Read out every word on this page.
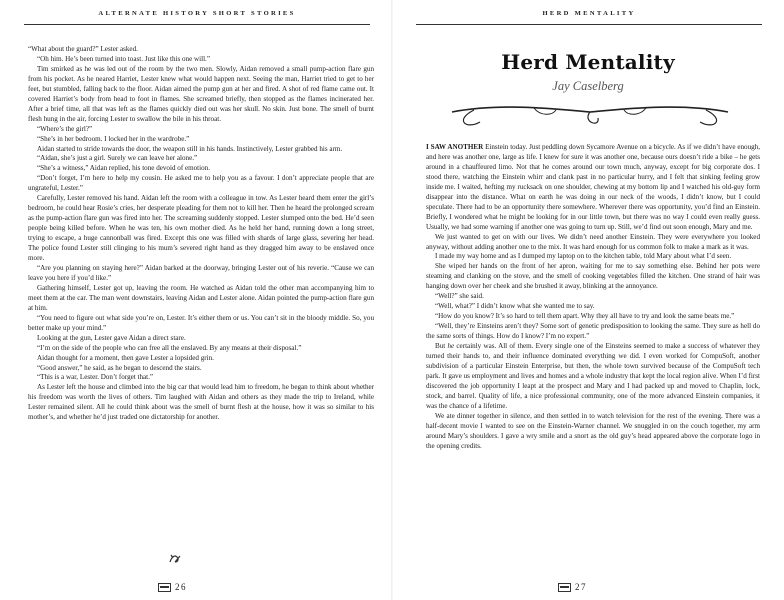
ALTERNATE HISTORY SHORT STORIES

“What about the guard?” Lester asked.

“Oh him. He’s been turned into toast. Just like this one will.”

Tim smirked as he was led out of the room by the two men. Slowly, Aidan removed a small pump-action flare gun from his pocket. As he neared Harriet, Lester knew what would happen next. Seeing the man, Harriet tried to get to her feet, but stumbled, falling back to the floor. Aidan aimed the pump gun at her and fired. A shot of red flame came out. It covered Harriet’s body from head to foot in flames. She screamed briefly, then stopped as the flames incinerated her. After a brief time, all that was left as the flames quickly died out was her skull. No skin. Just bone. The smell of burnt flesh hung in the air, forcing Lester to swallow the bile in his throat.

“Where’s the girl?”

“She’s in her bedroom. I locked her in the wardrobe.”

Aidan started to stride towards the door, the weapon still in his hands. Instinctively, Lester grabbed his arm.

“Aidan, she’s just a girl. Surely we can leave her alone.”

“She’s a witness,” Aidan replied, his tone devoid of emotion.

“Don’t forget, I’m here to help my cousin. He asked me to help you as a favour. I don’t appreciate people that are ungrateful, Lester.”

Carefully, Lester removed his hand. Aidan left the room with a colleague in tow. As Lester heard them enter the girl’s bedroom, he could hear Rosie’s cries, her desperate pleading for them not to kill her. Then he heard the prolonged scream as the pump-action flare gun was fired into her. The screaming suddenly stopped. Lester slumped onto the bed. He’d seen people being killed before. When he was ten, his own mother died. As he held her hand, running down a long street, trying to escape, a huge cannonball was fired. Except this one was filled with shards of large glass, severing her head. The police found Lester still clinging to his mum’s severed right hand as they dragged him away to be enslaved once more.

“Are you planning on staying here?” Aidan barked at the doorway, bringing Lester out of his reverie. “Cause we can leave you here if you’d like.”

Gathering himself, Lester got up, leaving the room. He watched as Aidan told the other man accompanying him to meet them at the car. The man went downstairs, leaving Aidan and Lester alone. Aidan pointed the pump-action flare gun at him.

“You need to figure out what side you’re on, Lester. It’s either them or us. You can’t sit in the bloody middle. So, you better make up your mind.”

Looking at the gun, Lester gave Aidan a direct stare.

“I’m on the side of the people who can free all the enslaved. By any means at their disposal.”

Aidan thought for a moment, then gave Lester a lopsided grin.

“Good answer,” he said, as he began to descend the stairs.

“This is a war, Lester. Don’t forget that.”

As Lester left the house and climbed into the big car that would lead him to freedom, he began to think about whether his freedom was worth the lives of others. Tim laughed with Aidan and others as they made the trip to Ireland, while Lester remained silent. All he could think about was the smell of burnt flesh at the house, how it was so similar to his mother’s, and whether he’d just traded one dictatorship for another.

26
HERD MENTALITY
Herd Mentality
Jay Caselberg

I SAW ANOTHER Einstein today. Just peddling down Sycamore Avenue on a bicycle. As if we didn’t have enough, and here was another one, large as life. I knew for sure it was another one, because ours doesn’t ride a bike – he gets around in a chauffeured limo. Not that he comes around our town much, anyway, except for big corporate dos. I stood there, watching the Einstein whirr and clank past in no particular hurry, and I felt that sinking feeling grow inside me. I waited, hefting my rucksack on one shoulder, chewing at my bottom lip and I watched his old-guy form disappear into the distance. What on earth he was doing in our neck of the woods, I didn’t know, but I could speculate. There had to be an opportunity there somewhere. Wherever there was opportunity, you’d find an Einstein. Briefly, I wondered what he might be looking for in our little town, but there was no way I could even really guess. Usually, we had some warning if another one was going to turn up. Still, we’d find out soon enough, Mary and me.

We just wanted to get on with our lives. We didn’t need another Einstein. They were everywhere you looked anyway, without adding another one to the mix. It was hard enough for us common folk to make a mark as it was.

I made my way home and as I dumped my laptop on to the kitchen table, told Mary about what I’d seen.

She wiped her hands on the front of her apron, waiting for me to say something else. Behind her pots were steaming and clanking on the stove, and the smell of cooking vegetables filled the kitchen. One strand of hair was hanging down over her cheek and she brushed it away, blinking at the annoyance.

“Well?” she said.

“Well, what?” I didn’t know what she wanted me to say.

“How do you know? It’s so hard to tell them apart. Why they all have to try and look the same beats me.”

“Well, they’re Einsteins aren’t they? Some sort of genetic predisposition to looking the same. They sure as hell do the same sorts of things. How do I know? I’m no expert.”

But he certainly was. All of them. Every single one of the Einsteins seemed to make a success of whatever they turned their hands to, and their influence dominated everything we did. I even worked for CompuSoft, another subdivision of a particular Einstein Enterprise, but then, the whole town survived because of the CompuSoft tech park. It gave us employment and lives and homes and a whole industry that kept the local region alive. When I’d first discovered the job opportunity I leapt at the prospect and Mary and I had packed up and moved to Chaplin, lock, stock, and barrel. Quality of life, a nice professional community, one of the more advanced Einstein companies, it was the chance of a lifetime.

We ate dinner together in silence, and then settled in to watch television for the rest of the evening. There was a half-decent movie I wanted to see on the Einstein-Warner channel. We snuggled in on the couch together, my arm around Mary’s shoulders. I gave a wry smile and a snort as the old guy’s head appeared above the corporate logo in the opening credits.

27
